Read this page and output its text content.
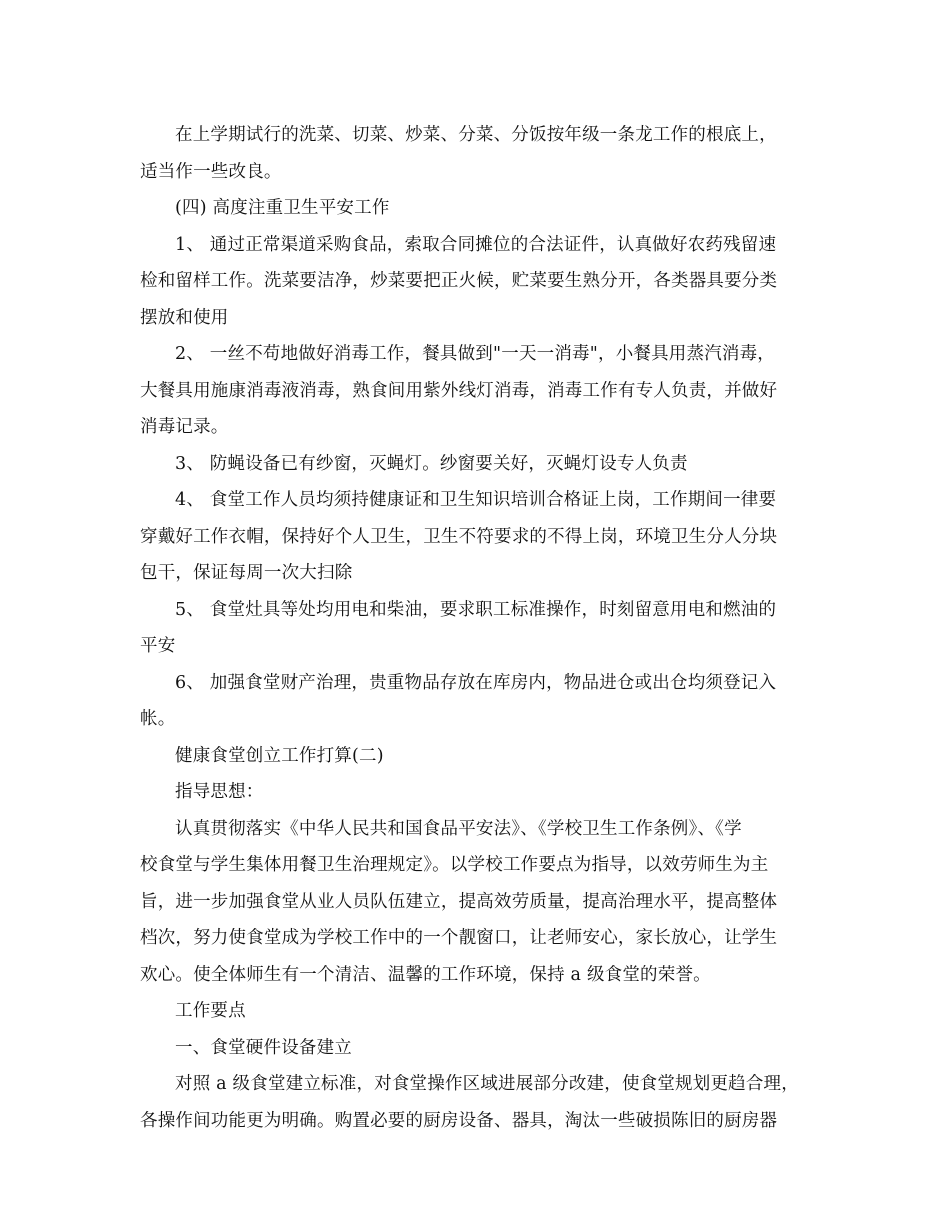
在上学期试行的洗菜、切菜、炒菜、分菜、分饭按年级一条龙工作的根底上，
适当作一些改良。
(四) 高度注重卫生平安工作
1、 通过正常渠道采购食品，索取合同摊位的合法证件，认真做好农药残留速
检和留样工作。洗菜要洁净，炒菜要把正火候，贮菜要生熟分开，各类器具要分类
摆放和使用
2、 一丝不苟地做好消毒工作，餐具做到"一天一消毒"，小餐具用蒸汽消毒，
大餐具用施康消毒液消毒，熟食间用紫外线灯消毒，消毒工作有专人负责，并做好
消毒记录。
3、 防蝇设备已有纱窗，灭蝇灯。纱窗要关好，灭蝇灯设专人负责
4、 食堂工作人员均须持健康证和卫生知识培训合格证上岗，工作期间一律要
穿戴好工作衣帽，保持好个人卫生，卫生不符要求的不得上岗，环境卫生分人分块
包干，保证每周一次大扫除
5、 食堂灶具等处均用电和柴油，要求职工标准操作，时刻留意用电和燃油的
平安
6、 加强食堂财产治理，贵重物品存放在库房内，物品进仓或出仓均须登记入
帐。
健康食堂创立工作打算(二)
指导思想：
认真贯彻落实《中华人民共和国食品平安法》、《学校卫生工作条例》、《学
校食堂与学生集体用餐卫生治理规定》。以学校工作要点为指导，以效劳师生为主
旨，进一步加强食堂从业人员队伍建立，提高效劳质量，提高治理水平，提高整体
档次，努力使食堂成为学校工作中的一个靓窗口，让老师安心，家长放心，让学生
欢心。使全体师生有一个清洁、温馨的工作环境，保持 a 级食堂的荣誉。
工作要点
一、食堂硬件设备建立
对照 a 级食堂建立标准，对食堂操作区域进展部分改建，使食堂规划更趋合理，
各操作间功能更为明确。购置必要的厨房设备、器具，淘汰一些破损陈旧的厨房器
